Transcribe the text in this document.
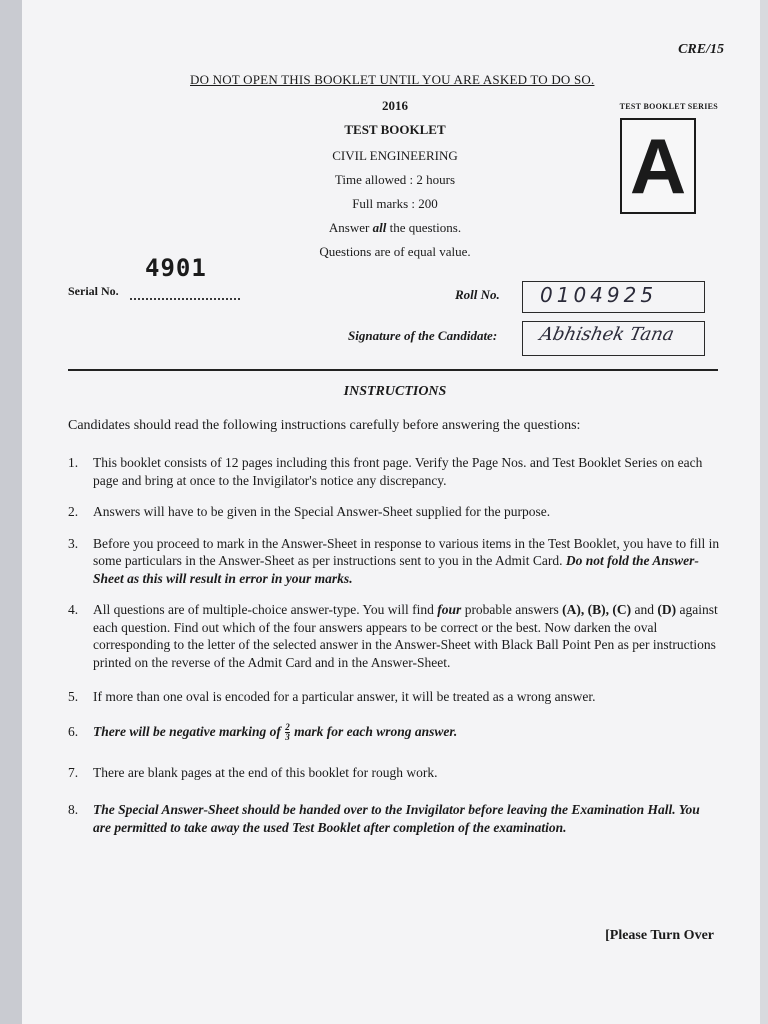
CRE/15
DO NOT OPEN THIS BOOKLET UNTIL YOU ARE ASKED TO DO SO.
2016
TEST BOOKLET
CIVIL ENGINEERING
Time allowed : 2 hours
Full marks : 200
Answer all the questions.
Questions are of equal value.
TEST BOOKLET SERIES
A
Serial No.
4901
Roll No. 0104925
Signature of the Candidate: Abhishek Tana
INSTRUCTIONS
Candidates should read the following instructions carefully before answering the questions:
1.	This booklet consists of 12 pages including this front page. Verify the Page Nos. and Test Booklet Series on each page and bring at once to the Invigilator's notice any discrepancy.
2.	Answers will have to be given in the Special Answer-Sheet supplied for the purpose.
3.	Before you proceed to mark in the Answer-Sheet in response to various items in the Test Booklet, you have to fill in some particulars in the Answer-Sheet as per instructions sent to you in the Admit Card. Do not fold the Answer-Sheet as this will result in error in your marks.
4.	All questions are of multiple-choice answer-type. You will find four probable answers (A), (B), (C) and (D) against each question. Find out which of the four answers appears to be correct or the best. Now darken the oval corresponding to the letter of the selected answer in the Answer-Sheet with Black Ball Point Pen as per instructions printed on the reverse of the Admit Card and in the Answer-Sheet.
5.	If more than one oval is encoded for a particular answer, it will be treated as a wrong answer.
6.	There will be negative marking of $\frac{2}{3}$ mark for each wrong answer.
7.	There are blank pages at the end of this booklet for rough work.
8.	The Special Answer-Sheet should be handed over to the Invigilator before leaving the Examination Hall. You are permitted to take away the used Test Booklet after completion of the examination.
[Please Turn Over
